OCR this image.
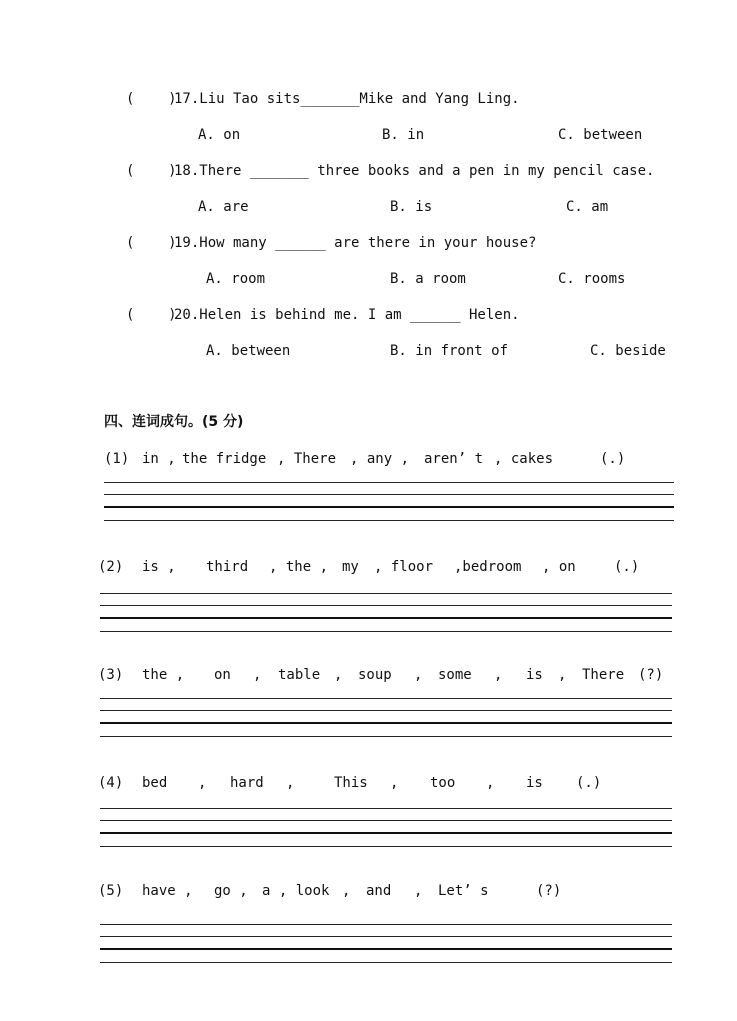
(    )
17.Liu Tao sits_______Mike and Yang Ling.
A. on	B. in	C. between
(    )
18.There _______ three books and a pen in my pencil case.
A. are	B. is	C. am
(    )
19.How many ______ are there in your house?
A. room	B. a room	C. rooms
(    )
20.Helen is behind me. I am ______ Helen.
A. between	B. in front of	C. beside
四、连词成句。(5 分)
(1) in , the fridge , There , any , aren’ t , cakes	(.)
(2) is , third , the , my , floor ,bedroom , on	(.)
(3) the , on , table , soup , some , is , There (?)
(4) bed , hard ,	This , too , is (.)
(5) have , go , a , look , and , Let’ s	(?)
